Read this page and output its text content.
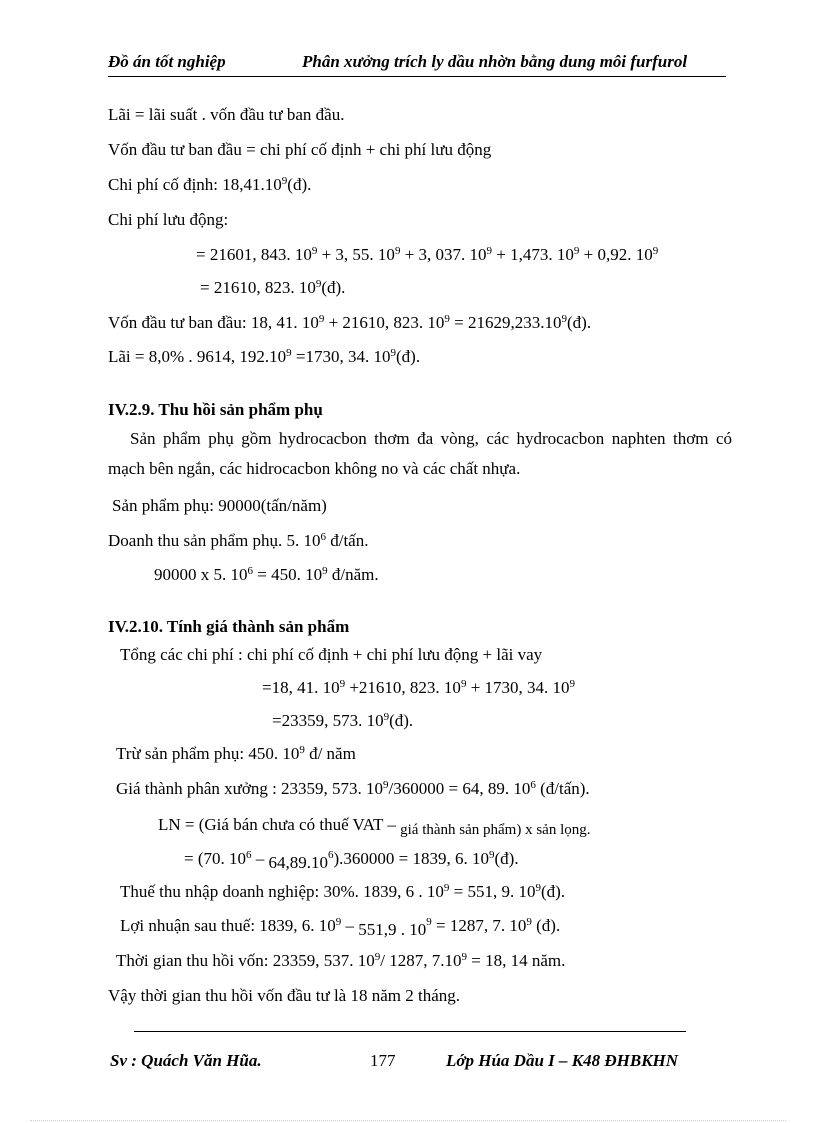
Đồ án tốt nghiệp	Phân xưởng trích ly dầu nhờn bằng dung môi furfurol
Lãi = lãi suất . vốn đầu tư ban đầu.
Vốn đầu tư ban đầu = chi phí cố định + chi phí lưu động
Chi phí cố định: 18,41.10$^9$(đ).
Chi phí lưu động:
= 21601, 843. $10^9 + 3$, 55. $10^9 + 3$, 037. $10^9 + 1,473$. $10^9 + 0,92$. $10^9$
= 21610, 823. $10^9(đ)$.
Vốn đầu tư ban đầu: 18, 41. $10^9 + 21610$, 823. $10^9$ = $21629,233.10^9(đ)$.
Lãi = 8,0% . 9614, $192.10^9 =1730$, 34. $10^9(đ)$.
IV.2.9. Thu hồi sản phẩm phụ
Sản phẩm phụ gồm hydrocacbon thơm đa vòng, các hydrocacbon naphten thơm có mạch bên ngắn, các hidrocacbon không no và các chất nhựa.
Sản phẩm phụ: 90000(tấn/năm)
Doanh thu sản phẩm phụ. 5. $10^6$ đ/tấn.
90000 x 5. $10^6 = 450$. $10^9$ đ/năm.
IV.2.10. Tính giá thành sản phẩm
Tổng các chi phí : chi phí cố định + chi phí lưu động + lãi vay
=18, 41. $10^9 +21610$, 823. $10^9 + 1730$, 34. $10^9$
=23359, 573. $10^9(đ)$.
Trừ sản phẩm phụ: 450. $10^9$ đ/ năm
Giá thành phân xưởng : 23359, 573. $10^9/360000 = 64$, 89. $10^6$ (đ/tấn).
LN = (Giá bán chưa có thuế VAT – giá thành sản phẩm) x sản lọng.
= (70. $10^6 - 64,89.10^6).360000 = 1839$, 6. $10^9(đ)$.
Thuế thu nhập doanh nghiệp: 30%. 1839, 6 . $10^9 = 551$, 9. $10^9(đ)$.
Lợi nhuận sau thuế: 1839, 6. $10^9 - 551,9$ . $10^9 = 1287$, 7. $10^9$ (đ).
Thời gian thu hồi vốn: 23359, 537. $10^9/$ 1287, $7.10^9 = 18$, 14 năm.
Vậy thời gian thu hồi vốn đầu tư là 18 năm 2 tháng.
Sv : Quách Văn Hũa.	177	Lớp Húa Dầu I – K48 ĐHBKHN
